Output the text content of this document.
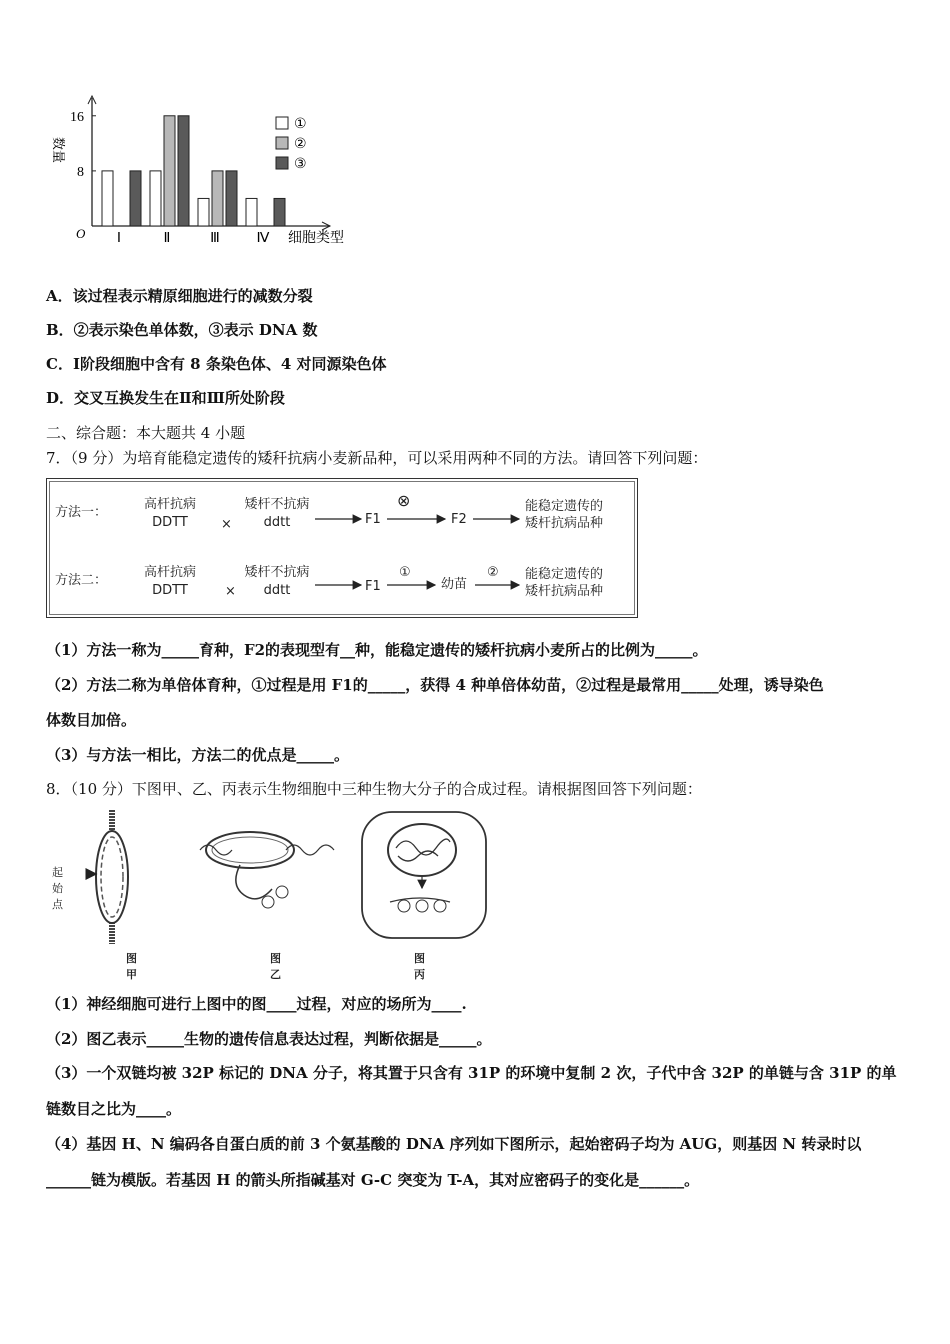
8
16
O
数量
Ⅰ	Ⅱ	Ⅲ	Ⅳ 细胞类型
①
②
③
A．该过程表示精原细胞进行的减数分裂
B．②表示染色单体数，③表示 DNA 数
C．Ⅰ阶段细胞中含有 8 条染色体、4 对同源染色体
D．交叉互换发生在Ⅱ和Ⅲ所处阶段
二、综合题：本大题共 4 小题
7．（9 分）为培育能稳定遗传的矮秆抗病小麦新品种，可以采用两种不同的方法。请回答下列问题：
方法一：
高杆抗病
DDTT	×
矮杆不抗病
ddtt	F1
⊗
F2
能稳定遗传的
矮杆抗病品种
方法二：
高杆抗病
DDTT	×
矮杆不抗病
ddtt	F1
①
幼苗
② 能稳定遗传的
矮杆抗病品种
（1）方法一称为_____育种，F2的表现型有__种，能稳定遗传的矮杆抗病小麦所占的比例为_____。
（2）方法二称为单倍体育种，①过程是用 F1的_____，获得 4 种单倍体幼苗，②过程是最常用_____处理，诱导染色
体数目加倍。
（3）与方法一相比，方法二的优点是_____。
8．（10 分）下图甲、乙、丙表示生物细胞中三种生物大分子的合成过程。请根据图回答下列问题：
起始点
图甲
图乙
图丙
（1）神经细胞可进行上图中的图____过程，对应的场所为____.
（2）图乙表示_____生物的遗传信息表达过程，判断依据是_____。
（3）一个双链均被 32P 标记的 DNA 分子，将其置于只含有 31P 的环境中复制 2 次，子代中含 32P 的单链与含 31P 的单
链数目之比为____。
（4）基因 H、N 编码各自蛋白质的前 3 个氨基酸的 DNA 序列如下图所示，起始密码子均为 AUG，则基因 N 转录时以
______链为模版。若基因 H 的箭头所指碱基对 G-C 突变为 T-A，其对应密码子的变化是______。
